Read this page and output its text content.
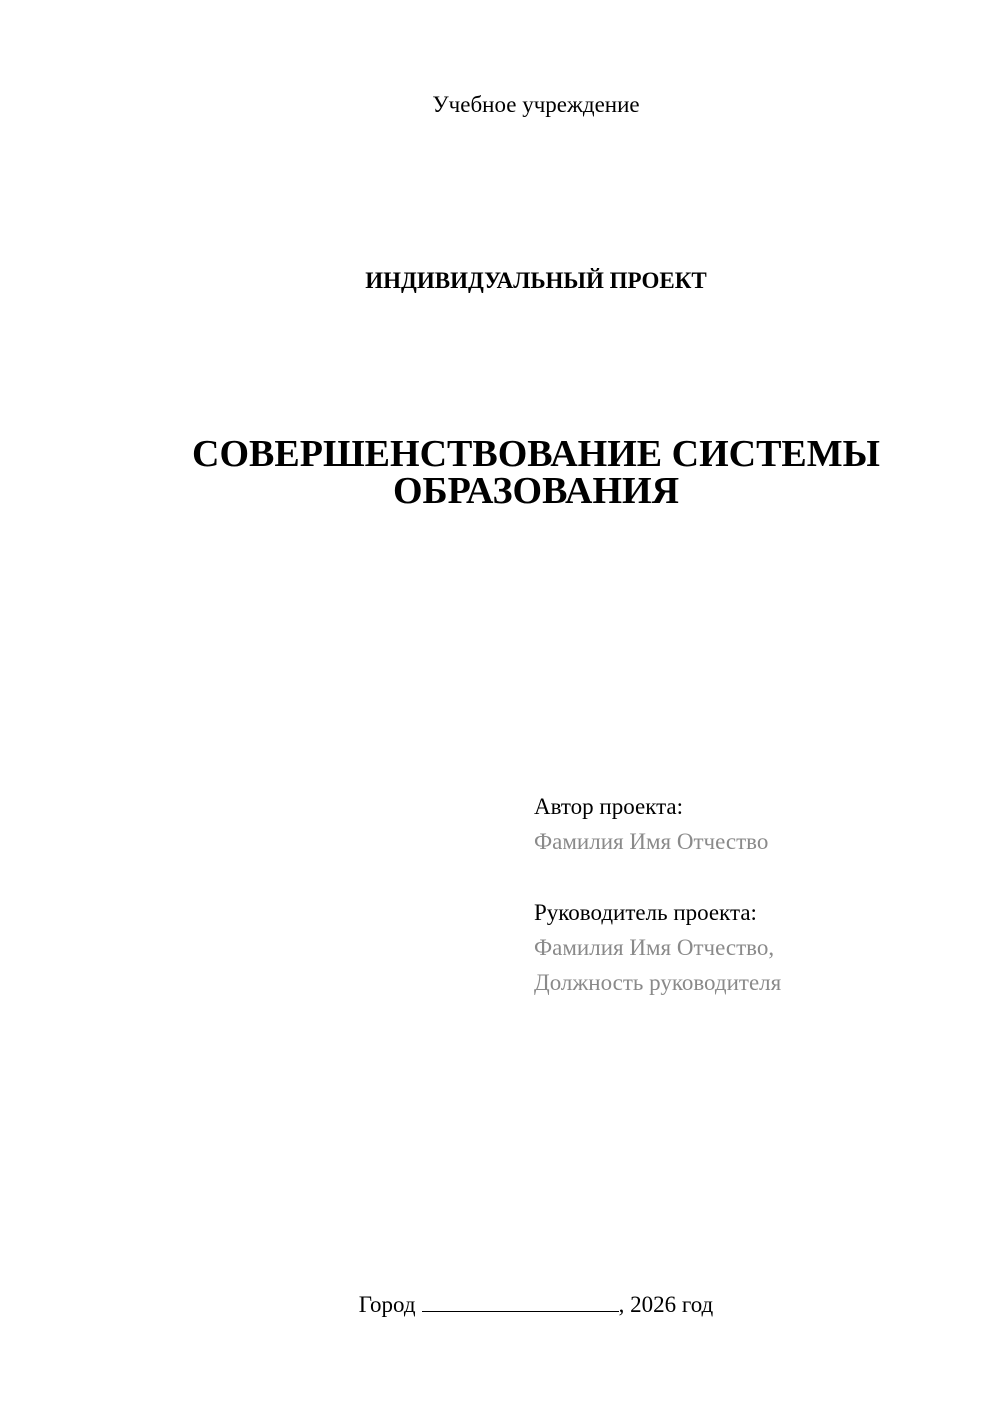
Учебное учреждение
ИНДИВИДУАЛЬНЫЙ ПРОЕКТ
СОВЕРШЕНСТВОВАНИЕ СИСТЕМЫ
ОБРАЗОВАНИЯ
Автор проекта:
Фамилия Имя Отчество
Руководитель проекта:
Фамилия Имя Отчество,
Должность руководителя
Город	, 2026 год
